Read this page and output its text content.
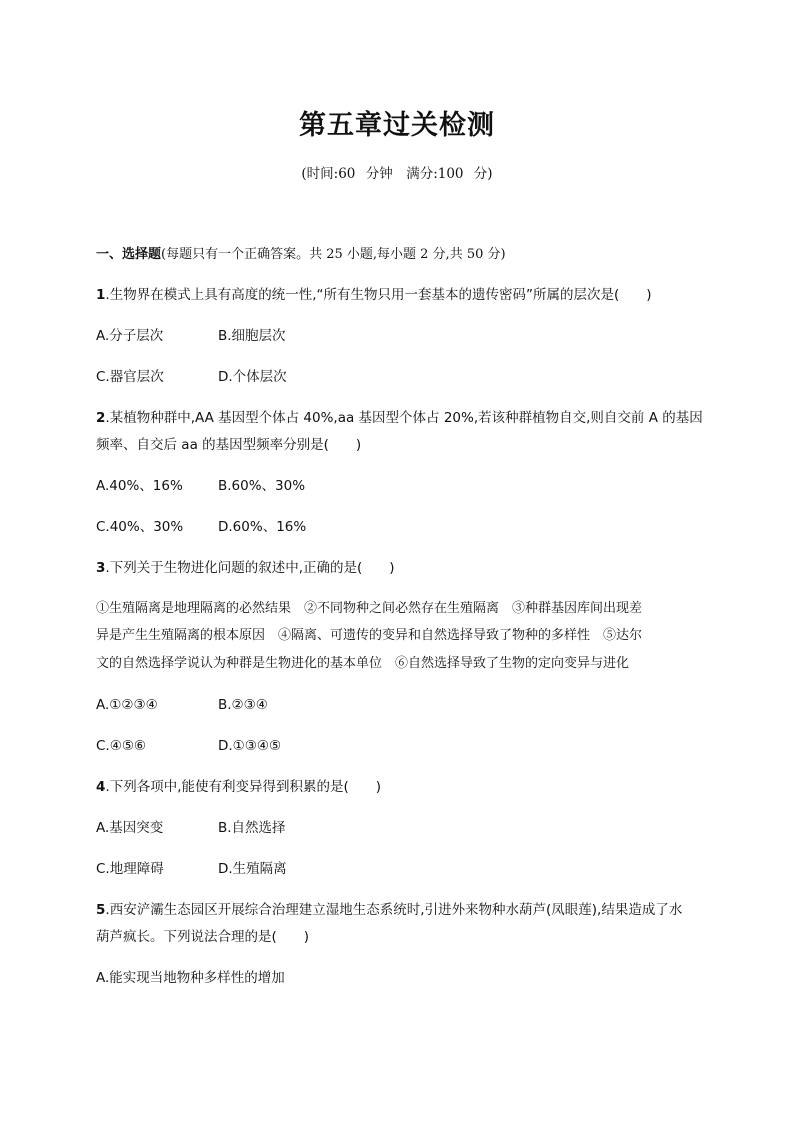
第五章过关检测
(时间:60 分钟　满分:100 分)
一、选择题(每题只有一个正确答案。共 25 小题,每小题 2 分,共 50 分)
1.生物界在模式上具有高度的统一性,“所有生物只用一套基本的遗传密码”所属的层次是(　　)
A.分子层次	B.细胞层次
C.器官层次	D.个体层次
2.某植物种群中,AA 基因型个体占 40%,aa 基因型个体占 20%,若该种群植物自交,则自交前 A 的基因
频率、自交后 aa 的基因型频率分别是(　　)
A.40%、16%	B.60%、30%
C.40%、30%	D.60%、16%
3.下列关于生物进化问题的叙述中,正确的是(　　)
①生殖隔离是地理隔离的必然结果　②不同物种之间必然存在生殖隔离　③种群基因库间出现差
异是产生生殖隔离的根本原因　④隔离、可遗传的变异和自然选择导致了物种的多样性　⑤达尔
文的自然选择学说认为种群是生物进化的基本单位　⑥自然选择导致了生物的定向变异与进化
A.①②③④	B.②③④
C.④⑤⑥	D.①③④⑤
4.下列各项中,能使有利变异得到积累的是(　　)
A.基因突变	B.自然选择
C.地理障碍	D.生殖隔离
5.西安浐灞生态园区开展综合治理建立湿地生态系统时,引进外来物种水葫芦(凤眼莲),结果造成了水
葫芦疯长。下列说法合理的是(　　)
A.能实现当地物种多样性的增加
